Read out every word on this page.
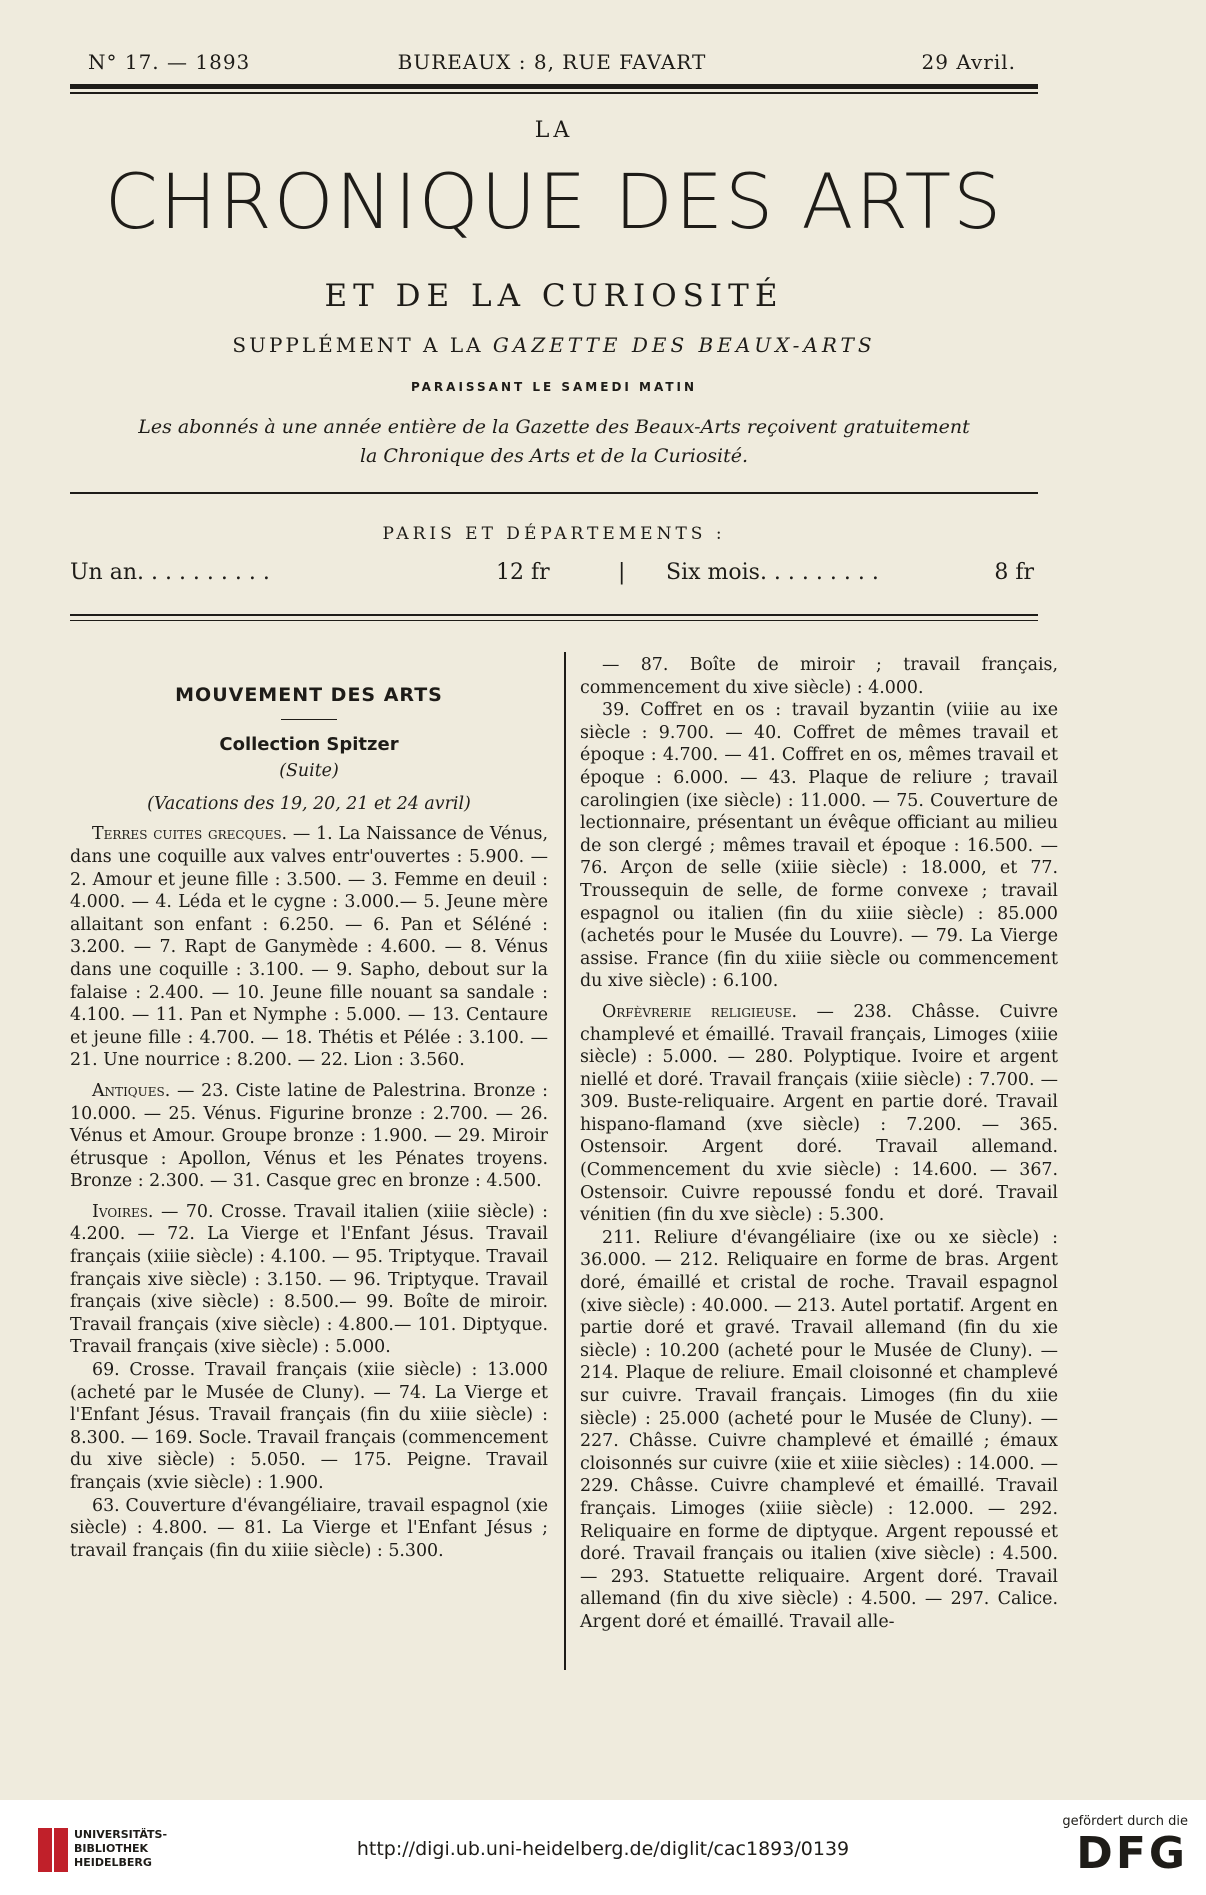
N° 17. — 1893	BUREAUX : 8, RUE FAVART	29 Avril.
LA
CHRONIQUE DES ARTS
ET DE LA CURIOSITÉ
SUPPLÉMENT A LA GAZETTE DES BEAUX-ARTS
PARAISSANT LE SAMEDI MATIN
Les abonnés à une année entière de la Gazette des Beaux-Arts reçoivent gratuitement
la Chronique des Arts et de la Curiosité.
PARIS ET DÉPARTEMENTS :
Un an. . . . . . . . . .	12 fr	| Six mois. . . . . . . . .	8 fr

MOUVEMENT DES ARTS

Collection Spitzer

(Suite)

(Vacations des 19, 20, 21 et 24 avril)

Terres cuites grecques. — 1. La Naissance de Vénus, dans une coquille aux valves entr'ouvertes : 5.900. — 2. Amour et jeune fille : 3.500. — 3. Femme en deuil : 4.000. — 4. Léda et le cygne : 3.000.— 5. Jeune mère allaitant son enfant : 6.250. — 6. Pan et Séléné : 3.200. — 7. Rapt de Ganymède : 4.600. — 8. Vénus dans une coquille : 3.100. — 9. Sapho, debout sur la falaise : 2.400. — 10. Jeune fille nouant sa sandale : 4.100. — 11. Pan et Nymphe : 5.000. — 13. Centaure et jeune fille : 4.700. — 18. Thétis et Pélée : 3.100. — 21. Une nourrice : 8.200. — 22. Lion : 3.560.

Antiques. — 23. Ciste latine de Palestrina. Bronze : 10.000. — 25. Vénus. Figurine bronze : 2.700. — 26. Vénus et Amour. Groupe bronze : 1.900. — 29. Miroir étrusque : Apollon, Vénus et les Pénates troyens. Bronze : 2.300. — 31. Casque grec en bronze : 4.500.

Ivoires. — 70. Crosse. Travail italien (xiiie siècle) : 4.200. — 72. La Vierge et l'Enfant Jésus. Travail français (xiiie siècle) : 4.100. — 95. Triptyque. Travail français xive siècle) : 3.150. — 96. Triptyque. Travail français (xive siècle) : 8.500.— 99. Boîte de miroir. Travail français (xive siècle) : 4.800.— 101. Diptyque. Travail français (xive siècle) : 5.000.

69. Crosse. Travail français (xiie siècle) : 13.000 (acheté par le Musée de Cluny). — 74. La Vierge et l'Enfant Jésus. Travail français (fin du xiiie siècle) : 8.300. — 169. Socle. Travail français (commencement du xive siècle) : 5.050. — 175. Peigne. Travail français (xvie siècle) : 1.900.

63. Couverture d'évangéliaire, travail espagnol (xie siècle) : 4.800. — 81. La Vierge et l'Enfant Jésus ; travail français (fin du xiiie siècle) : 5.300.

— 87. Boîte de miroir ; travail français, commencement du xive siècle) : 4.000.

39. Coffret en os : travail byzantin (viiie au ixe siècle : 9.700. — 40. Coffret de mêmes travail et époque : 4.700. — 41. Coffret en os, mêmes travail et époque : 6.000. — 43. Plaque de reliure ; travail carolingien (ixe siècle) : 11.000. — 75. Couverture de lectionnaire, présentant un évêque officiant au milieu de son clergé ; mêmes travail et époque : 16.500. — 76. Arçon de selle (xiiie siècle) : 18.000, et 77. Troussequin de selle, de forme convexe ; travail espagnol ou italien (fin du xiiie siècle) : 85.000 (achetés pour le Musée du Louvre). — 79. La Vierge assise. France (fin du xiiie siècle ou commencement du xive siècle) : 6.100.

Orfèvrerie religieuse. — 238. Châsse. Cuivre champlevé et émaillé. Travail français, Limoges (xiiie siècle) : 5.000. — 280. Polyptique. Ivoire et argent niellé et doré. Travail français (xiiie siècle) : 7.700. — 309. Buste-reliquaire. Argent en partie doré. Travail hispano-flamand (xve siècle) : 7.200. — 365. Ostensoir. Argent doré. Travail allemand. (Commencement du xvie siècle) : 14.600. — 367. Ostensoir. Cuivre repoussé fondu et doré. Travail vénitien (fin du xve siècle) : 5.300.

211. Reliure d'évangéliaire (ixe ou xe siècle) : 36.000. — 212. Reliquaire en forme de bras. Argent doré, émaillé et cristal de roche. Travail espagnol (xive siècle) : 40.000. — 213. Autel portatif. Argent en partie doré et gravé. Travail allemand (fin du xie siècle) : 10.200 (acheté pour le Musée de Cluny). — 214. Plaque de reliure. Email cloisonné et champlevé sur cuivre. Travail français. Limoges (fin du xiie siècle) : 25.000 (acheté pour le Musée de Cluny). — 227. Châsse. Cuivre champlevé et émaillé ; émaux cloisonnés sur cuivre (xiie et xiiie siècles) : 14.000. — 229. Châsse. Cuivre champlevé et émaillé. Travail français. Limoges (xiiie siècle) : 12.000. — 292. Reliquaire en forme de diptyque. Argent repoussé et doré. Travail français ou italien (xive siècle) : 4.500. — 293. Statuette reliquaire. Argent doré. Travail allemand (fin du xive siècle) : 4.500. — 297. Calice. Argent doré et émaillé. Travail alle-

UNIVERSITÄTS-
BIBLIOTHEK
HEIDELBERG
http://digi.ub.uni-heidelberg.de/diglit/cac1893/0139
gefördert durch die
DFG
